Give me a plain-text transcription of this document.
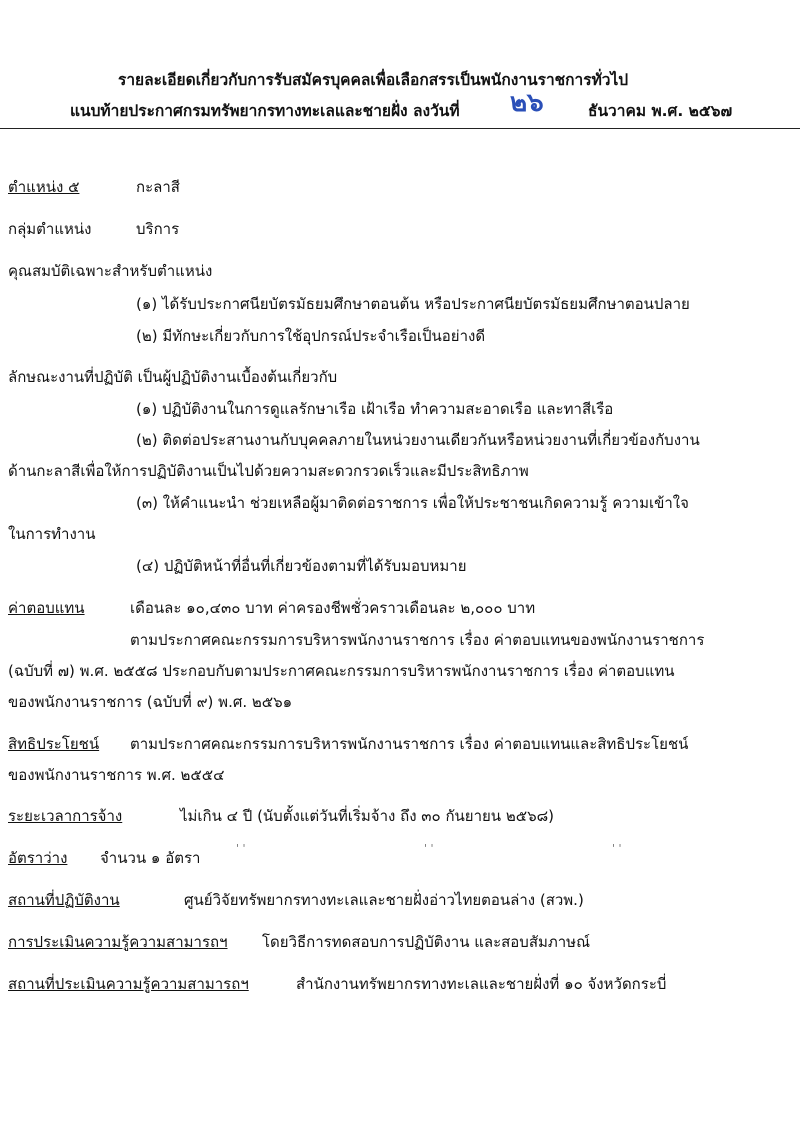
รายละเอียดเกี่ยวกับการรับสมัครบุคคลเพื่อเลือกสรรเป็นพนักงานราชการทั่วไป
แนบท้ายประกาศกรมทรัพยากรทางทะเลและชายฝั่ง ลงวันที่ ๒๖	ธันวาคม พ.ศ. ๒๕๖๗
ตำแหน่ง ๕	กะลาสี
กลุ่มตำแหน่ง	บริการ
คุณสมบัติเฉพาะสำหรับตำแหน่ง
(๑) ได้รับประกาศนียบัตรมัธยมศึกษาตอนต้น หรือประกาศนียบัตรมัธยมศึกษาตอนปลาย
(๒) มีทักษะเกี่ยวกับการใช้อุปกรณ์ประจำเรือเป็นอย่างดี
ลักษณะงานที่ปฏิบัติ เป็นผู้ปฏิบัติงานเบื้องต้นเกี่ยวกับ
(๑) ปฏิบัติงานในการดูแลรักษาเรือ เฝ้าเรือ ทำความสะอาดเรือ และทาสีเรือ
(๒) ติดต่อประสานงานกับบุคคลภายในหน่วยงานเดียวกันหรือหน่วยงานที่เกี่ยวข้องกับงาน
ด้านกะลาสีเพื่อให้การปฏิบัติงานเป็นไปด้วยความสะดวกรวดเร็วและมีประสิทธิภาพ
(๓) ให้คำแนะนำ ช่วยเหลือผู้มาติดต่อราชการ เพื่อให้ประชาชนเกิดความรู้ ความเข้าใจ
ในการทำงาน
(๔) ปฏิบัติหน้าที่อื่นที่เกี่ยวข้องตามที่ได้รับมอบหมาย
ค่าตอบแทน	เดือนละ ๑๐,๔๓๐ บาท ค่าครองชีพชั่วคราวเดือนละ ๒,๐๐๐ บาท
ตามประกาศคณะกรรมการบริหารพนักงานราชการ เรื่อง ค่าตอบแทนของพนักงานราชการ
(ฉบับที่ ๗) พ.ศ. ๒๕๕๘ ประกอบกับตามประกาศคณะกรรมการบริหารพนักงานราชการ เรื่อง ค่าตอบแทน
ของพนักงานราชการ (ฉบับที่ ๙) พ.ศ. ๒๕๖๑
สิทธิประโยชน์ ตามประกาศคณะกรรมการบริหารพนักงานราชการ เรื่อง ค่าตอบแทนและสิทธิประโยชน์
ของพนักงานราชการ พ.ศ. ๒๕๕๔
ระยะเวลาการจ้าง	ไม่เกิน ๔ ปี (นับตั้งแต่วันที่เริ่มจ้าง ถึง ๓๐ กันยายน ๒๕๖๘)
อัตราว่าง จำนวน ๑ อัตรา
' '	' '	' '
สถานที่ปฏิบัติงาน	ศูนย์วิจัยทรัพยากรทางทะเลและชายฝั่งอ่าวไทยตอนล่าง (สวพ.)
การประเมินความรู้ความสามารถฯ โดยวิธีการทดสอบการปฏิบัติงาน และสอบสัมภาษณ์
สถานที่ประเมินความรู้ความสามารถฯ	สำนักงานทรัพยากรทางทะเลและชายฝั่งที่ ๑๐ จังหวัดกระบี่
